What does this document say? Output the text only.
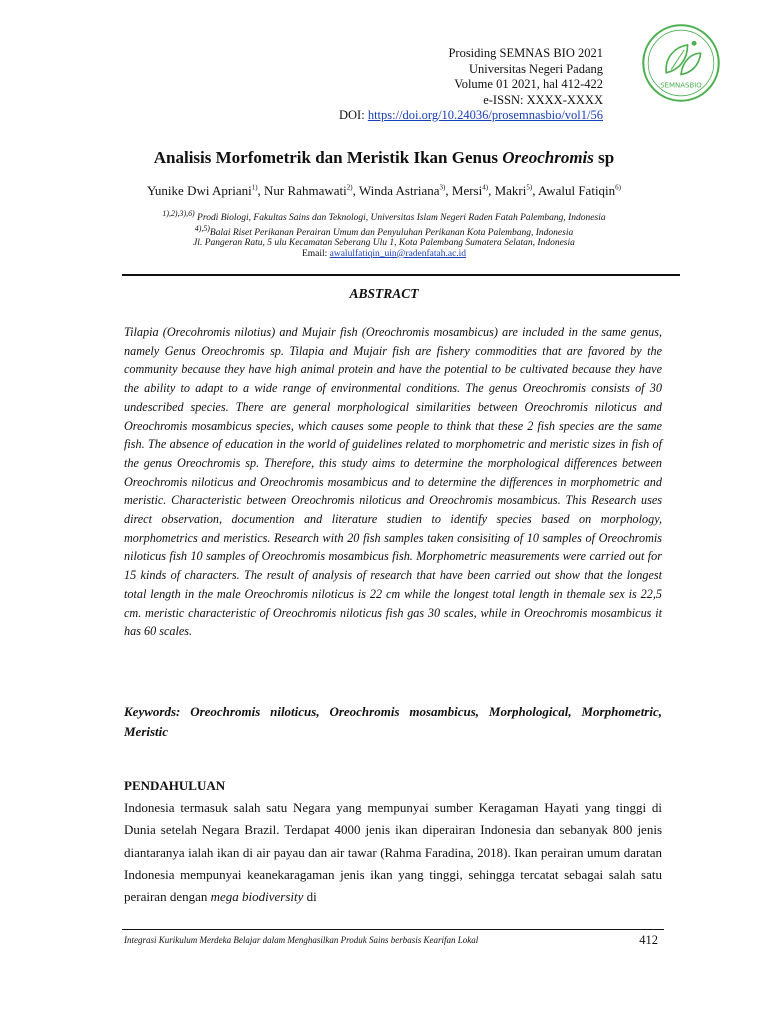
Prosiding SEMNAS BIO 2021
Universitas Negeri Padang
Volume 01 2021, hal 412-422
e-ISSN: XXXX-XXXX
DOI: https://doi.org/10.24036/prosemnasbio/vol1/56
SEMNASBIO
Analisis Morfometrik dan Meristik Ikan Genus Oreochromis sp
Yunike Dwi Apriani$^{1)}$, Nur Rahmawati$^{2)}$, Winda Astriana$^{3)}$, Mersi$^{4)}$, Makri$^{5)}$, Awalul Fatiqin$^{6)}$
$^{1),2),3),6)}$ Prodi Biologi, Fakultas Sains dan Teknologi, Universitas Islam Negeri Raden Fatah Palembang, Indonesia
$^{4),5)}$Balai Riset Perikanan Perairan Umum dan Penyuluhan Perikanan Kota Palembang, Indonesia
Jl. Pangeran Ratu, 5 ulu Kecamatan Seberang Ulu 1, Kota Palembang Sumatera Selatan, Indonesia
Email: awalulfatiqin_uin@radenfatah.ac.id
ABSTRACT
Tilapia (Orecohromis nilotius) and Mujair fish (Oreochromis mosambicus) are included in the same genus, namely Genus Oreochromis sp. Tilapia and Mujair fish are fishery commodities that are favored by the community because they have high animal protein and have the potential to be cultivated because they have the ability to adapt to a wide range of environmental conditions. The genus Oreochromis consists of 30 undescribed species. There are general morphological similarities between Oreochromis niloticus and Oreochromis mosambicus species, which causes some people to think that these 2 fish species are the same fish. The absence of education in the world of guidelines related to morphometric and meristic sizes in fish of the genus Oreochromis sp. Therefore, this study aims to determine the morphological differences between Oreochromis niloticus and Oreochromis mosambicus and to determine the differences in morphometric and meristic. Characteristic between Oreochromis niloticus and Oreochromis mosambicus. This Research uses direct observation, documention and literature studien to identify species based on morphology, morphometrics and meristics. Research with 20 fish samples taken consisiting of 10 samples of Oreochromis niloticus fish 10 samples of Oreochromis mosambicus fish. Morphometric measurements were carried out for 15 kinds of characters. The result of analysis of research that have been carried out show that the longest total length in the male Oreochromis niloticus is 22 cm while the longest total length in themale sex is 22,5 cm. meristic characteristic of Oreochromis niloticus fish gas 30 scales, while in Oreochromis mosambicus it has 60 scales.
Keywords: Oreochromis niloticus, Oreochromis mosambicus, Morphological, Morphometric, Meristic
PENDAHULUAN
Indonesia termasuk salah satu Negara yang mempunyai sumber Keragaman Hayati yang tinggi di Dunia setelah Negara Brazil. Terdapat 4000 jenis ikan diperairan Indonesia dan sebanyak 800 jenis diantaranya ialah ikan di air payau dan air tawar (Rahma Faradina, 2018). Ikan perairan umum daratan Indonesia mempunyai keanekaragaman jenis ikan yang tinggi, sehingga tercatat sebagai salah satu perairan dengan mega biodiversity di
Integrasi Kurikulum Merdeka Belajar dalam Menghasilkan Produk Sains berbasis Kearifan Lokal	412
